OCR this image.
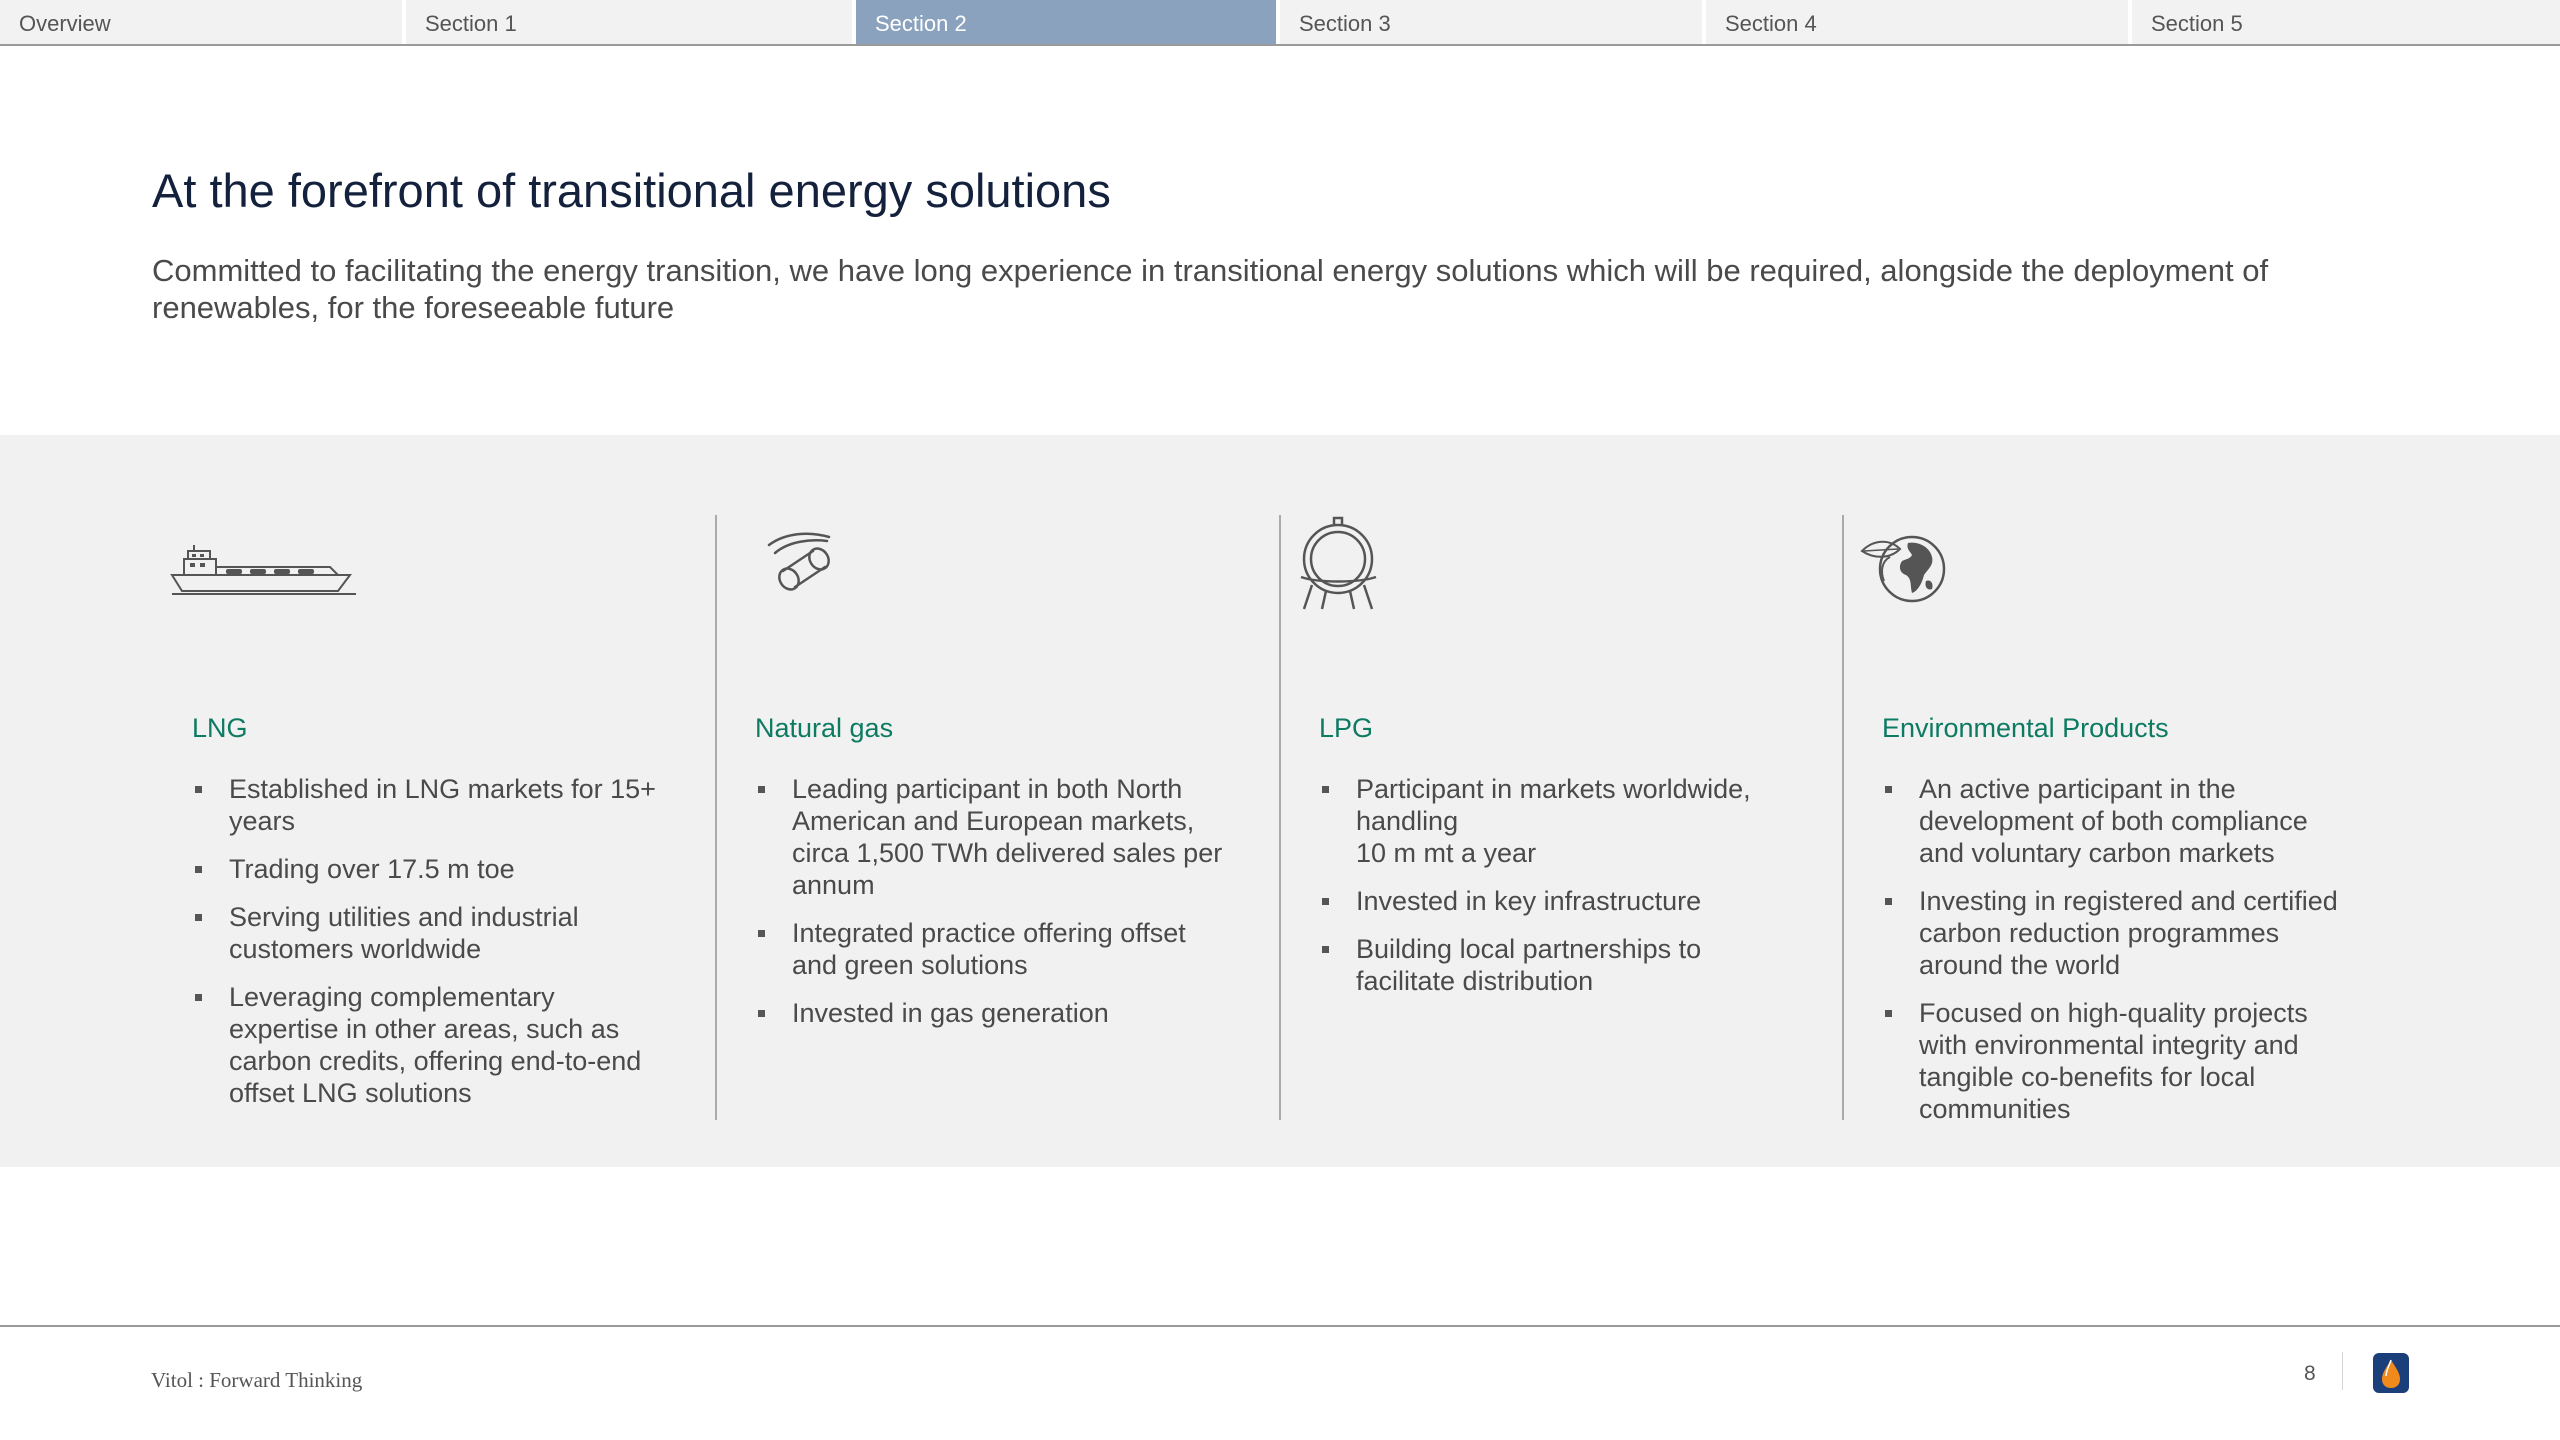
Overview	Section 1	Section 2	Section 3	Section 4	Section 5
At the forefront of transitional energy solutions
Committed to facilitating the energy transition, we have long experience in transitional energy solutions which will be required, alongside the deployment of renewables, for the foreseeable future
LNG
Established in LNG markets for 15+ years
Trading over 17.5 m toe
Serving utilities and industrial customers worldwide
Leveraging complementary expertise in other areas, such as carbon credits, offering end-to-end offset LNG solutions
Natural gas
Leading participant in both North American and European markets, circa 1,500 TWh delivered sales per annum
Integrated practice offering offset and green solutions
Invested in gas generation
LPG
Participant in markets worldwide, handling
10 m mt a year
Invested in key infrastructure
Building local partnerships to facilitate distribution
Environmental Products
An active participant in the development of both compliance and voluntary carbon markets
Investing in registered and certified carbon reduction programmes around the world
Focused on high-quality projects with environmental integrity and tangible co-benefits for local communities
Vitol : Forward Thinking	8
